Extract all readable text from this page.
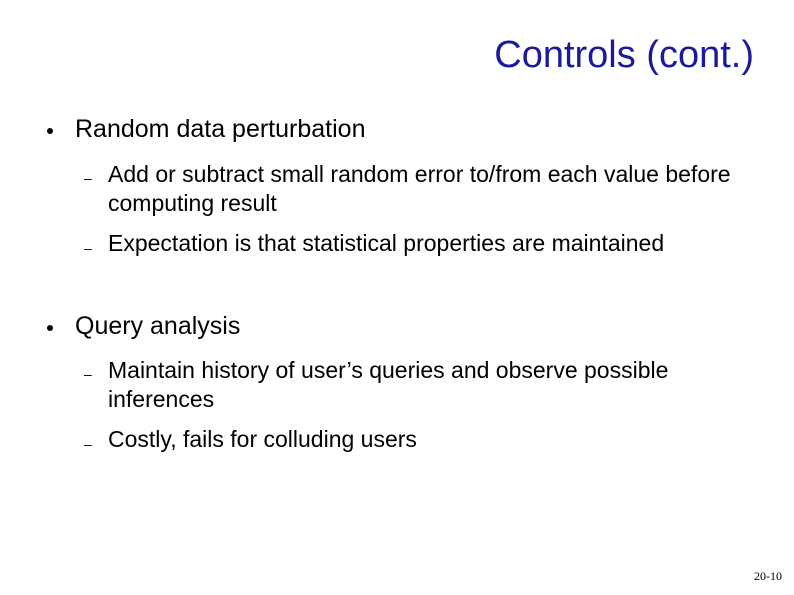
Controls (cont.)
Random data perturbation
– Add or subtract small random error to/from each value before computing result
– Expectation is that statistical properties are maintained
Query analysis
– Maintain history of user’s queries and observe possible inferences
– Costly, fails for colluding users
20-10
